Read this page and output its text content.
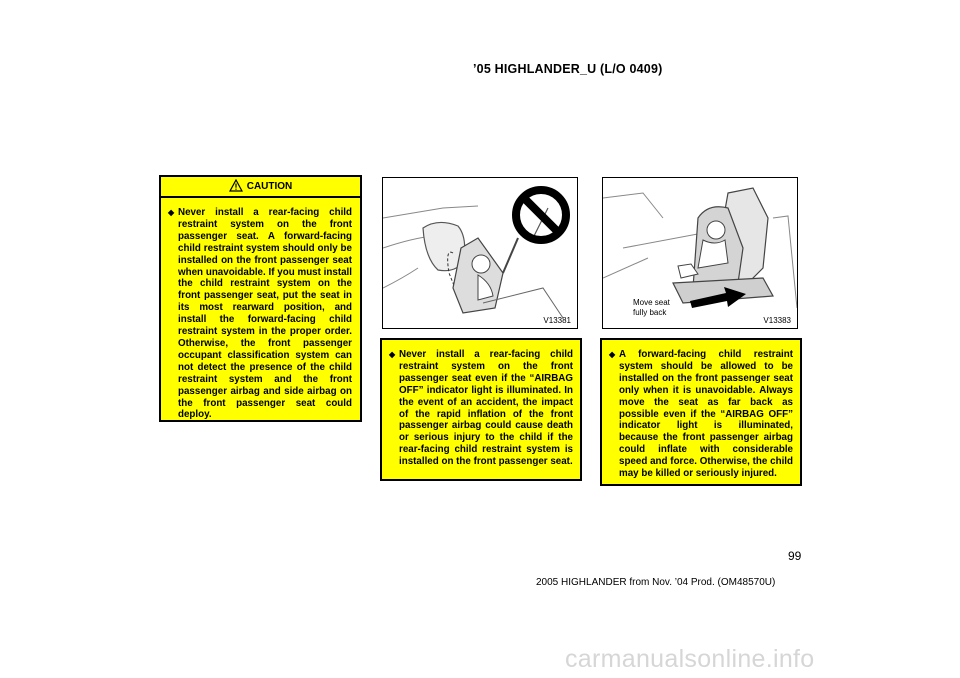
’05 HIGHLANDER_U (L/O 0409)
CAUTION
◆ Never install a rear-facing child restraint system on the front passenger seat. A forward-facing child restraint system should only be installed on the front passenger seat when unavoidable. If you must install the child restraint system on the front passenger seat, put the seat in its most rearward position, and install the forward-facing child restraint system in the proper order. Otherwise, the front passenger occupant classification system can not detect the presence of the child restraint system and the front passenger airbag and side airbag on the front passenger seat could deploy.
V13381
Move seat
fully back
V13383
◆ Never install a rear-facing child restraint system on the front passenger seat even if the “AIRBAG OFF” indicator light is illuminated. In the event of an accident, the impact of the rapid inflation of the front passenger airbag could cause death or serious injury to the child if the rear-facing child restraint system is installed on the front passenger seat.
◆ A forward-facing child restraint system should be allowed to be installed on the front passenger seat only when it is unavoidable. Always move the seat as far back as possible even if the “AIRBAG OFF” indicator light is illuminated, because the front passenger airbag could inflate with considerable speed and force. Otherwise, the child may be killed or seriously injured.
99
2005 HIGHLANDER from Nov. ’04 Prod. (OM48570U)
carmanualsonline.info
